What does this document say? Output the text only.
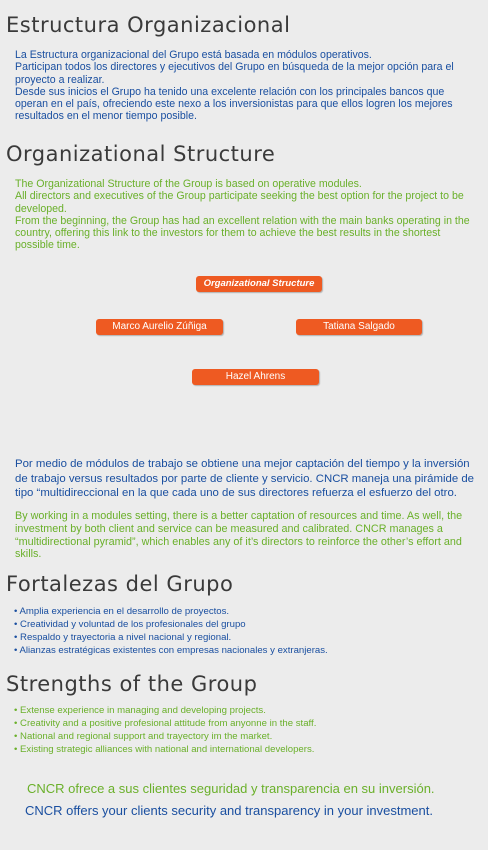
Estructura Organizacional

La Estructura organizacional del Grupo está basada en módulos operativos.

Participan todos los directores y ejecutivos del Grupo en búsqueda de la mejor opción para el proyecto a realizar.

Desde sus inicios el Grupo ha tenido una excelente relación con los principales bancos que operan en el país, ofreciendo este nexo a los inversionistas para que ellos logren los mejores resultados en el menor tiempo posible.

Organizational Structure

The Organizational Structure of the Group is based on operative modules.

All directors and executives of the Group participate seeking the best option for the project to be developed.

From the beginning, the Group has had an excellent relation with the main banks operating in the country, offering this link to the investors for them to achieve the best results in the shortest possible time.

Organizational Structure
Marco Aurelio Zúñiga	Tatiana Salgado
Hazel Ahrens

Por medio de módulos de trabajo se obtiene una mejor captación del tiempo y la inversión de trabajo versus resultados por parte de cliente y servicio. CNCR maneja una pirámide de tipo “multidireccional en la que cada uno de sus directores refuerza el esfuerzo del otro.

By working in a modules setting, there is a better captation of resources and time. As well, the investment by both client and service can be measured and calibrated. CNCR manages a “multidirectional pyramid”, which enables any of it’s directors to reinforce the other’s effort and skills.

Fortalezas del Grupo
• Amplia experiencia en el desarrollo de proyectos.
• Creatividad y voluntad de los profesionales del grupo
• Respaldo y trayectoria a nivel nacional y regional.
• Alianzas estratégicas existentes con empresas nacionales y extranjeras.
Strengths of the Group
• Extense experience in managing and developing projects.
• Creativity and a positive profesional attitude from anyonne in the staff.
• National and regional support and trayectory im the market.
• Existing strategic alliances with national and international developers.

CNCR ofrece a sus clientes seguridad y transparencia en su inversión.

CNCR offers your clients security and transparency in your investment.
